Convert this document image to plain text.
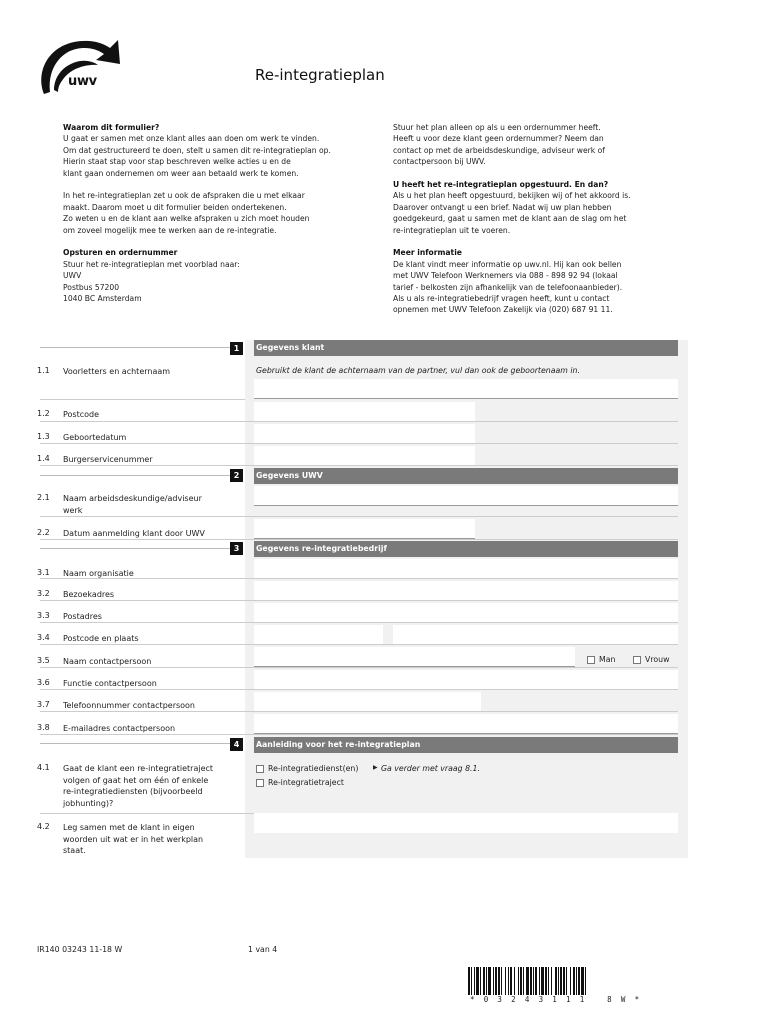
uwv	Re-integratieplan

Waarom dit formulier?

U gaat er samen met onze klant alles aan doen om werk te vinden.

Om dat gestructureerd te doen, stelt u samen dit re-integratieplan op.

Hierin staat stap voor stap beschreven welke acties u en de

klant gaan ondernemen om weer aan betaald werk te komen.

In het re-integratieplan zet u ook de afspraken die u met elkaar

maakt. Daarom moet u dit formulier beiden ondertekenen.

Zo weten u en de klant aan welke afspraken u zich moet houden

om zoveel mogelijk mee te werken aan de re-integratie.

Opsturen en ordernummer

Stuur het re-integratieplan met voorblad naar:

UWV

Postbus 57200

1040 BC Amsterdam

Stuur het plan alleen op als u een ordernummer heeft.

Heeft u voor deze klant geen ordernummer? Neem dan

contact op met de arbeidsdeskundige, adviseur werk of

contactpersoon bij UWV.

U heeft het re-integratieplan opgestuurd. En dan?

Als u het plan heeft opgestuurd, bekijken wij of het akkoord is.

Daarover ontvangt u een brief. Nadat wij uw plan hebben

goedgekeurd, gaat u samen met de klant aan de slag om het

re-integratieplan uit te voeren.

Meer informatie

De klant vindt meer informatie op uwv.nl. Hij kan ook bellen

met UWV Telefoon Werknemers via 088 - 898 92 94 (lokaal

tarief - belkosten zijn afhankelijk van de telefoonaanbieder).

Als u als re-integratiebedrijf vragen heeft, kunt u contact

opnemen met UWV Telefoon Zakelijk via (020) 687 91 11.

1	Gegevens klant
1.1 Voorletters en achternaam	Gebruikt de klant de achternaam van de partner, vul dan ook de geboortenaam in.
1.2 Postcode
1.3 Geboortedatum
1.4 Burgerservicenummer
2	Gegevens UWV
2.1 Naam arbeidsdeskundige/adviseur
werk
2.2 Datum aanmelding klant door UWV
3	Gegevens re-integratiebedrijf
3.1 Naam organisatie
3.2 Bezoekadres
3.3 Postadres
3.4 Postcode en plaats
3.5 Naam contactpersoon	Man	Vrouw
3.6 Functie contactpersoon
3.7 Telefoonnummer contactpersoon
3.8 E-mailadres contactpersoon
4	Aanleiding voor het re-integratieplan
4.1 Gaat de klant een re-integratietraject
volgen of gaat het om één of enkele
re-integratiediensten (bijvoorbeeld
jobhunting)?
Re-integratiedienst(en) ▶ Ga verder met vraag 8.1.
Re-integratietraject
4.2 Leg samen met de klant in eigen
woorden uit wat er in het werkplan
staat.
IR140 03243 11-18 W	1 van 4
*03243111 8W*
